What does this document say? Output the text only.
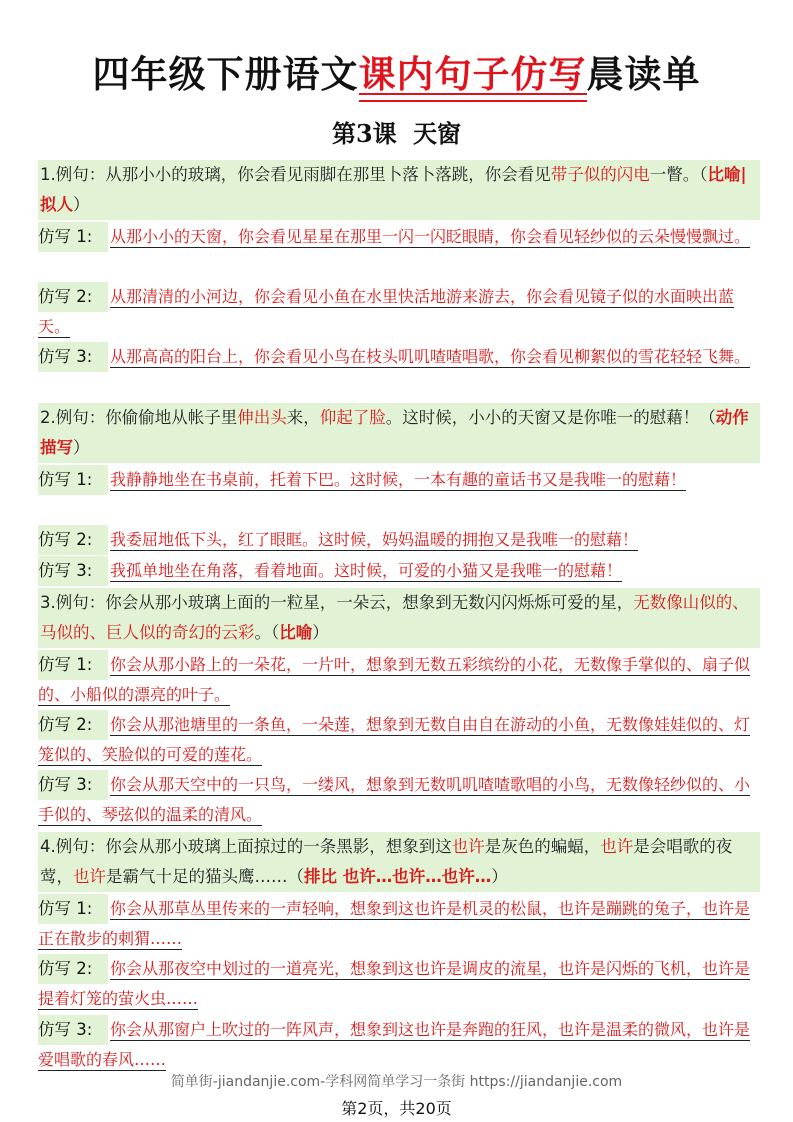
四年级下册语文课内句子仿写晨读单
第3课 天窗
1.例句：从那小小的玻璃，你会看见雨脚在那里卜落卜落跳，你会看见带子似的闪电一瞥。（比喻|拟人）
仿写 1:	从那小小的天窗，你会看见星星在那里一闪一闪眨眼睛，你会看见轻纱似的云朵慢慢飘过。

仿写 2:	从那清清的小河边，你会看见小鱼在水里快活地游来游去，你会看见镜子似的水面映出蓝天。

仿写 3:	从那高高的阳台上，你会看见小鸟在枝头叽叽喳喳唱歌，你会看见柳絮似的雪花轻轻飞舞。

2.例句：你偷偷地从帐子里伸出头来，仰起了脸。这时候，小小的天窗又是你唯一的慰藉！（动作描写）
仿写 1:	我静静地坐在书桌前，托着下巴。这时候，一本有趣的童话书又是我唯一的慰藉！

仿写 2:	我委屈地低下头，红了眼眶。这时候，妈妈温暖的拥抱又是我唯一的慰藉！

仿写 3:	我孤单地坐在角落，看着地面。这时候，可爱的小猫又是我唯一的慰藉！

3.例句：你会从那小玻璃上面的一粒星，一朵云，想象到无数闪闪烁烁可爱的星，无数像山似的、马似的、巨人似的奇幻的云彩。（比喻）
仿写 1:	你会从那小路上的一朵花，一片叶，想象到无数五彩缤纷的小花，无数像手掌似的、扇子似的、小船似的漂亮的叶子。

仿写 2:	你会从那池塘里的一条鱼，一朵莲，想象到无数自由自在游动的小鱼，无数像娃娃似的、灯笼似的、笑脸似的可爱的莲花。

仿写 3:	你会从那天空中的一只鸟，一缕风，想象到无数叽叽喳喳歌唱的小鸟，无数像轻纱似的、小手似的、琴弦似的温柔的清风。

4.例句：你会从那小玻璃上面掠过的一条黑影，想象到这也许是灰色的蝙蝠，也许是会唱歌的夜莺，也许是霸气十足的猫头鹰……（排比 也许…也许…也许…）
仿写 1:	你会从那草丛里传来的一声轻响，想象到这也许是机灵的松鼠，也许是蹦跳的兔子，也许是正在散步的刺猬……

仿写 2:	你会从那夜空中划过的一道亮光，想象到这也许是调皮的流星，也许是闪烁的飞机，也许是提着灯笼的萤火虫……

仿写 3:	你会从那窗户上吹过的一阵风声，想象到这也许是奔跑的狂风，也许是温柔的微风，也许是爱唱歌的春风……

简单街-jiandanjie.com-学科网简单学习一条街 https://jiandanjie.com
第2页，共20页
